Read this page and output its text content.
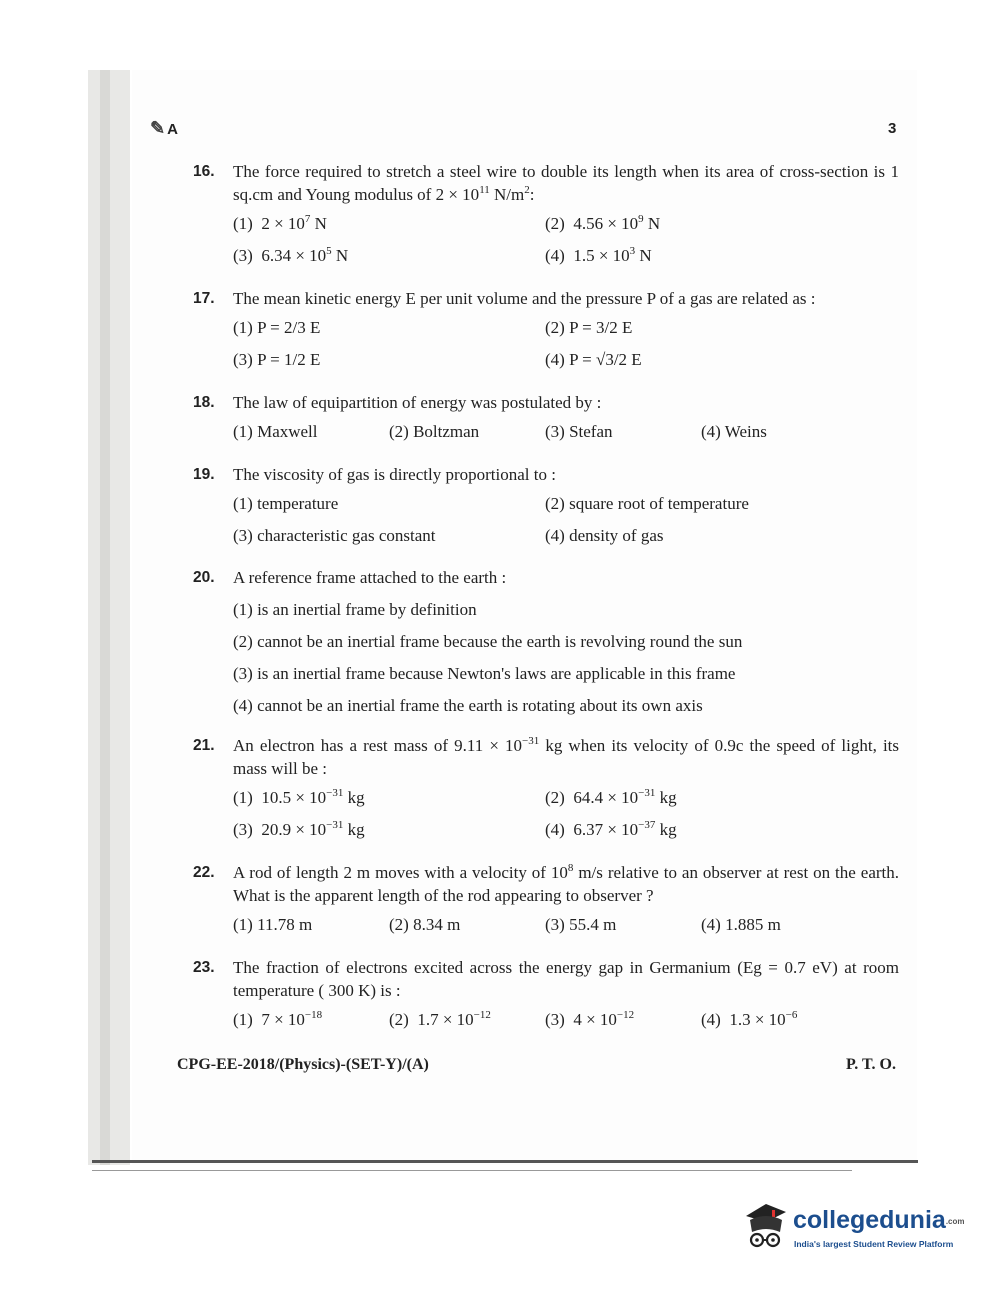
✎ A	3
16. The force required to stretch a steel wire to double its length when its area of cross-section is 1 sq.cm and Young modulus of $2 \times 10^{11}$ $N/m^2$:
(1)  $2 \times 10^7$ N	(2)  $4.56 \times 10^9$ N
(3)  $6.34 \times 10^5$ N	(4)  $1.5 \times 10^3$ N
17. The mean kinetic energy E per unit volume and the pressure P of a gas are related as :
(1) P = 2/3 E	(2) P = 3/2 E
(3) P = 1/2 E	(4) P = √3/2 E
18. The law of equipartition of energy was postulated by :
(1) Maxwell	(2) Boltzman	(3) Stefan	(4) Weins
19. The viscosity of gas is directly proportional to :
(1) temperature	(2) square root of temperature
(3) characteristic gas constant	(4) density of gas
20. A reference frame attached to the earth :
(1) is an inertial frame by definition
(2) cannot be an inertial frame because the earth is revolving round the sun
(3) is an inertial frame because Newton's laws are applicable in this frame
(4) cannot be an inertial frame the earth is rotating about its own axis
21. An electron has a rest mass of $9.11 \times 10^{-31}$ kg when its velocity of 0.9c the speed of light, its mass will be :
(1)  $10.5 \times 10^{-31}$ kg	(2)  $64.4 \times 10^{-31}$ kg
(3)  $20.9 \times 10^{-31}$ kg	(4)  $6.37 \times 10^{-37}$ kg
22. A rod of length 2 m moves with a velocity of $10^8$ m/s relative to an observer at rest on the earth. What is the apparent length of the rod appearing to observer ?
(1) 11.78 m	(2) 8.34 m	(3) 55.4 m	(4) 1.885 m
23. The fraction of electrons excited across the energy gap in Germanium (Eg = 0.7 eV) at room temperature ( 300 K) is :
(1)  $7 \times 10^{-18}$	(2)  $1.7 \times 10^{-12}$	(3)  $4 \times 10^{-12}$	(4)  $1.3 \times 10^{-6}$
CPG-EE-2018/(Physics)-(SET-Y)/(A)	P. T. O.
collegedunia.com
India's largest Student Review Platform
